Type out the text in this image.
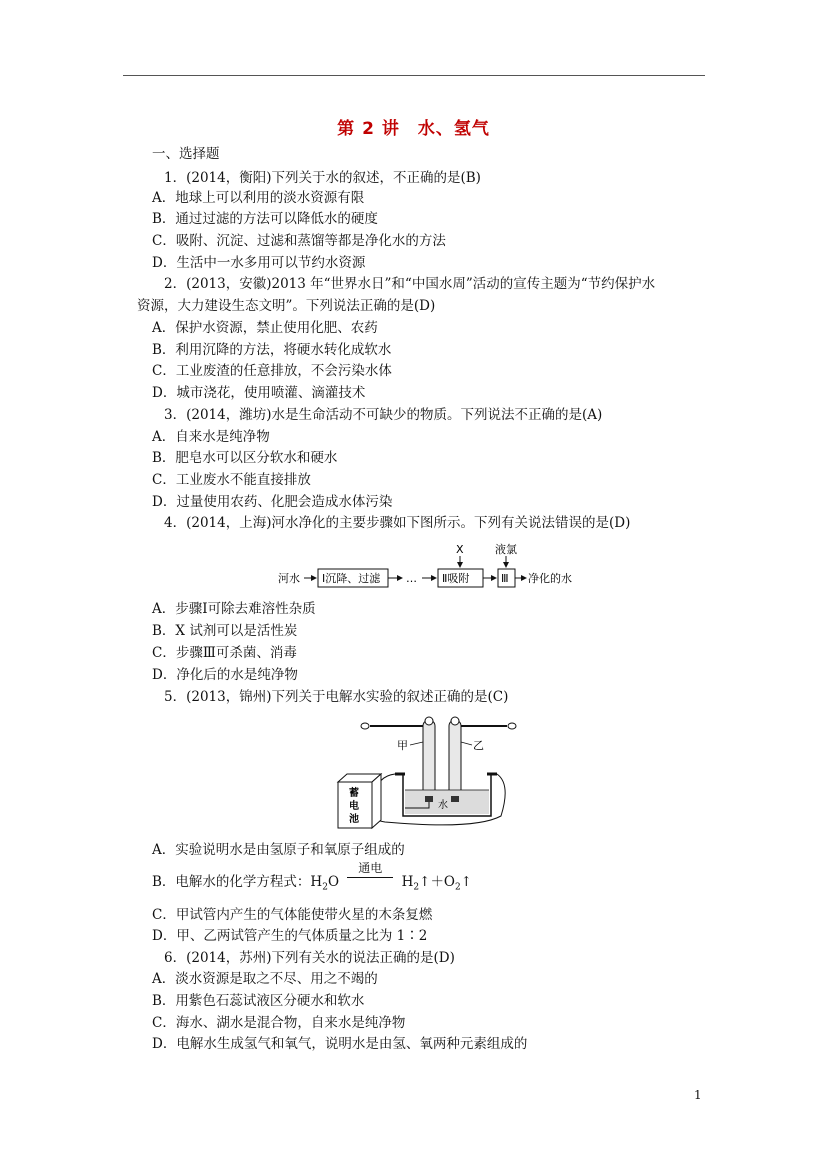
第 2 讲　水、氢气
一、选择题
1．(2014，衡阳)下列关于水的叙述，不正确的是(B)
A．地球上可以利用的淡水资源有限
B．通过过滤的方法可以降低水的硬度
C．吸附、沉淀、过滤和蒸馏等都是净化水的方法
D．生活中一水多用可以节约水资源
2．(2013，安徽)2013 年“世界水日”和“中国水周”活动的宣传主题为“节约保护水
资源，大力建设生态文明”。下列说法正确的是(D)
A．保护水资源，禁止使用化肥、农药
B．利用沉降的方法，将硬水转化成软水
C．工业废渣的任意排放，不会污染水体
D．城市浇花，使用喷灌、滴灌技术
3．(2014，潍坊)水是生命活动不可缺少的物质。下列说法不正确的是(A)
A．自来水是纯净物
B．肥皂水可以区分软水和硬水
C．工业废水不能直接排放
D．过量使用农药、化肥会造成水体污染
4．(2014，上海)河水净化的主要步骤如下图所示。下列有关说法错误的是(D)
河水 Ⅰ沉降、过滤 … Ⅱ吸附
X
Ⅲ
液氯
净化的水
A．步骤Ⅰ可除去难溶性杂质
B．X 试剂可以是活性炭
C．步骤Ⅲ可杀菌、消毒
D．净化后的水是纯净物
5．(2013，锦州)下列关于电解水实验的叙述正确的是(C)
甲	乙
水
蓄
电
池
A．实验说明水是由氢原子和氧原子组成的
B．电解水的化学方程式：$H_2O$
通电
$H_2↑+O_2↑$
C．甲试管内产生的气体能使带火星的木条复燃
D．甲、乙两试管产生的气体质量之比为 1∶2
6．(2014，苏州)下列有关水的说法正确的是(D)
A．淡水资源是取之不尽、用之不竭的
B．用紫色石蕊试液区分硬水和软水
C．海水、湖水是混合物，自来水是纯净物
D．电解水生成氢气和氧气，说明水是由氢、氧两种元素组成的
1
